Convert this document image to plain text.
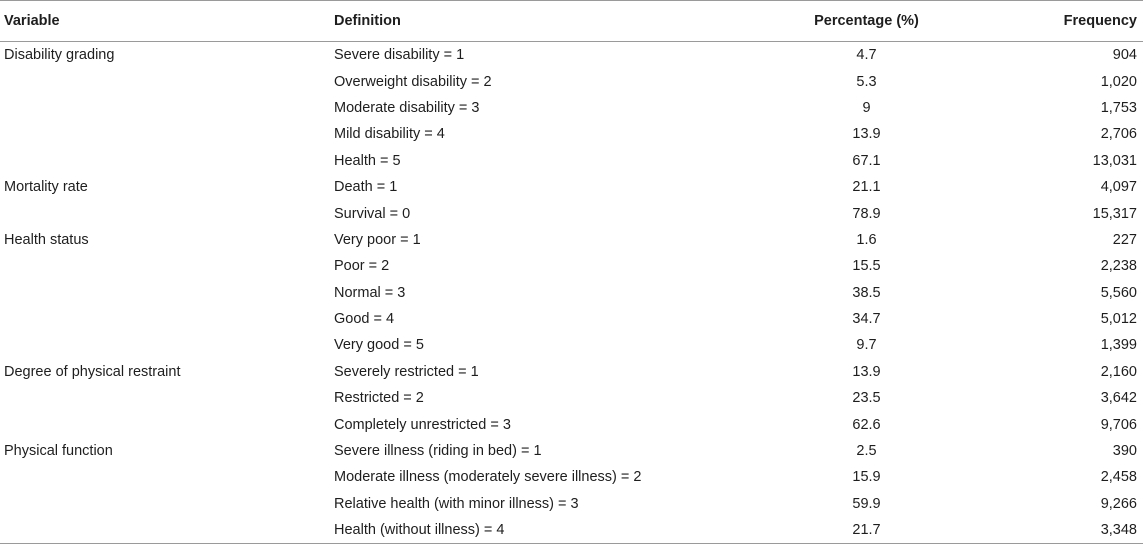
Variable	Definition	Percentage (%)	Frequency
Disability grading	Severe disability = 1	4.7	904
	Overweight disability = 2	5.3	1,020
	Moderate disability = 3	9	1,753
	Mild disability = 4	13.9	2,706
	Health = 5	67.1	13,031
Mortality rate	Death = 1	21.1	4,097
	Survival = 0	78.9	15,317
Health status	Very poor = 1	1.6	227
	Poor = 2	15.5	2,238
	Normal = 3	38.5	5,560
	Good = 4	34.7	5,012
	Very good = 5	9.7	1,399
Degree of physical restraint	Severely restricted = 1	13.9	2,160
	Restricted = 2	23.5	3,642
	Completely unrestricted = 3	62.6	9,706
Physical function	Severe illness (riding in bed) = 1	2.5	390
	Moderate illness (moderately severe illness) = 2	15.9	2,458
	Relative health (with minor illness) = 3	59.9	9,266
	Health (without illness) = 4	21.7	3,348
